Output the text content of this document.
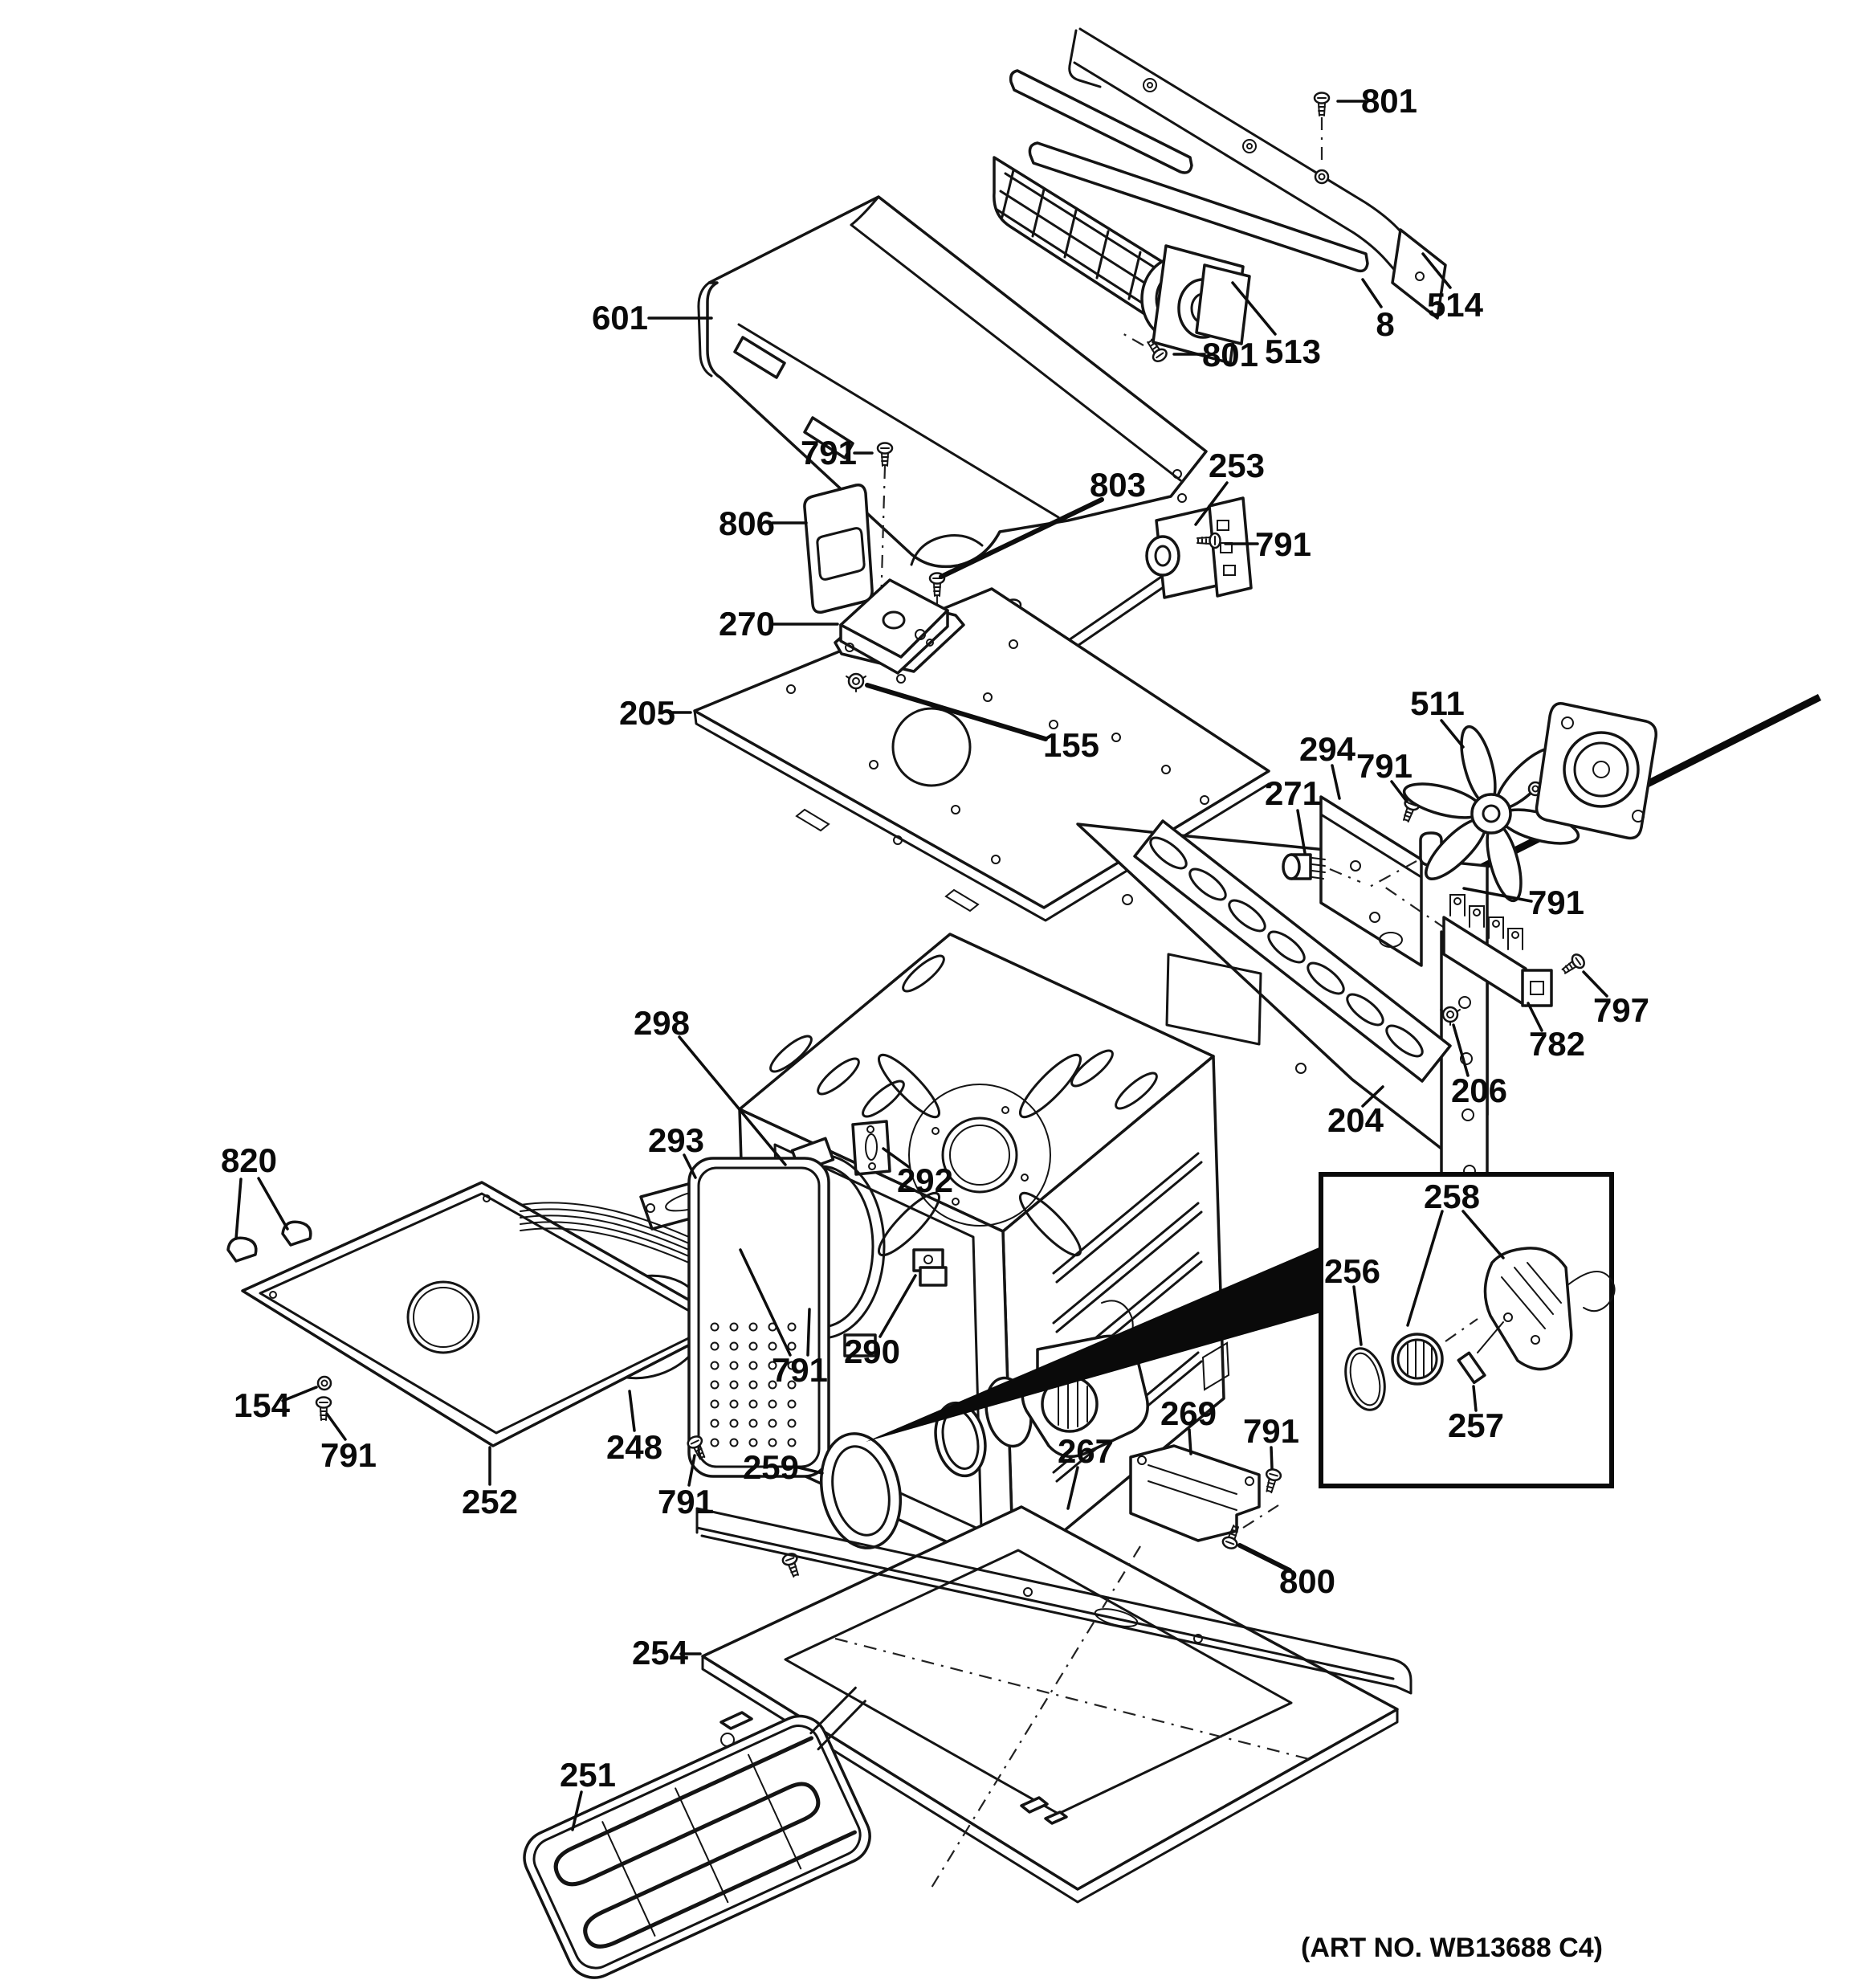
801
8
514
513
801
601
791
806
803
253
791
270
205
155
511
294 791
271
791
797
782
206
204
298
293
292
290
791
820
154
791
252
248
791
259
256
258
257
267
269 791
800
254
251
(ART NO. WB13688 C4)
